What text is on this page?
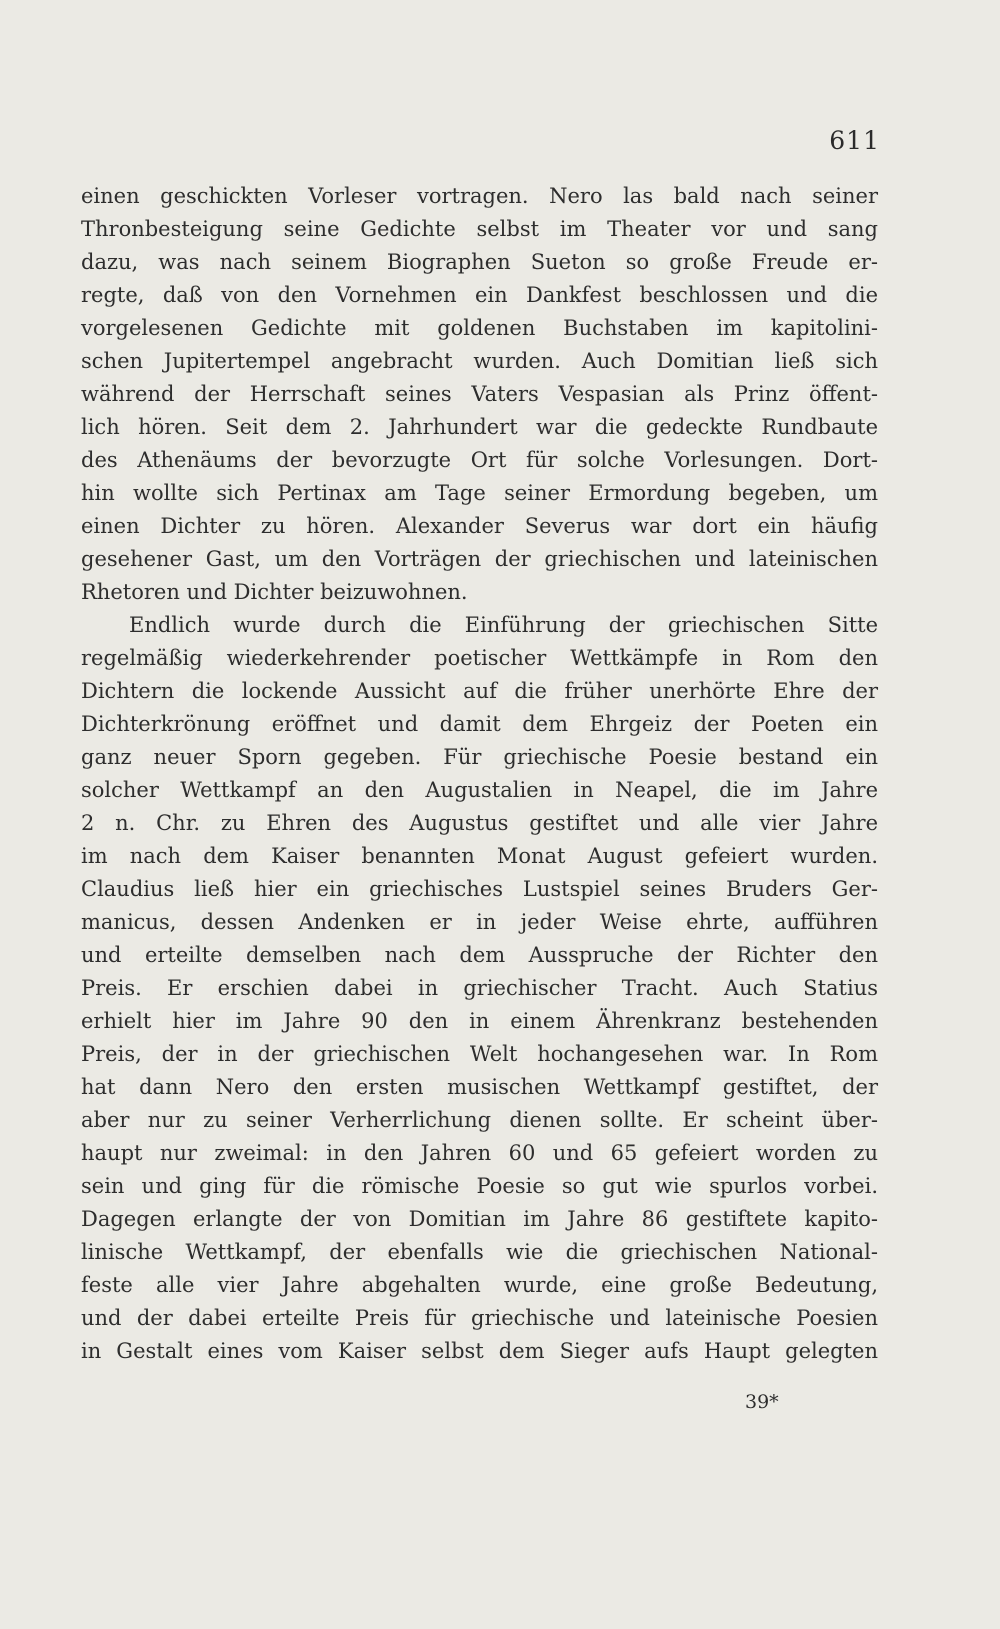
611
einen geschickten Vorleser vortragen. Nero las bald nach seiner
Thronbesteigung seine Gedichte selbst im Theater vor und sang
dazu, was nach seinem Biographen Sueton so große Freude er-
regte, daß von den Vornehmen ein Dankfest beschlossen und die
vorgelesenen Gedichte mit goldenen Buchstaben im kapitolini-
schen Jupitertempel angebracht wurden. Auch Domitian ließ sich
während der Herrschaft seines Vaters Vespasian als Prinz öffent-
lich hören. Seit dem 2. Jahrhundert war die gedeckte Rundbaute
des Athenäums der bevorzugte Ort für solche Vorlesungen. Dort-
hin wollte sich Pertinax am Tage seiner Ermordung begeben, um
einen Dichter zu hören. Alexander Severus war dort ein häufig
gesehener Gast, um den Vorträgen der griechischen und lateinischen
Rhetoren und Dichter beizuwohnen.
Endlich wurde durch die Einführung der griechischen Sitte
regelmäßig wiederkehrender poetischer Wettkämpfe in Rom den
Dichtern die lockende Aussicht auf die früher unerhörte Ehre der
Dichterkrönung eröffnet und damit dem Ehrgeiz der Poeten ein
ganz neuer Sporn gegeben. Für griechische Poesie bestand ein
solcher Wettkampf an den Augustalien in Neapel, die im Jahre
2 n. Chr. zu Ehren des Augustus gestiftet und alle vier Jahre
im nach dem Kaiser benannten Monat August gefeiert wurden.
Claudius ließ hier ein griechisches Lustspiel seines Bruders Ger-
manicus, dessen Andenken er in jeder Weise ehrte, aufführen
und erteilte demselben nach dem Ausspruche der Richter den
Preis. Er erschien dabei in griechischer Tracht. Auch Statius
erhielt hier im Jahre 90 den in einem Ährenkranz bestehenden
Preis, der in der griechischen Welt hochangesehen war. In Rom
hat dann Nero den ersten musischen Wettkampf gestiftet, der
aber nur zu seiner Verherrlichung dienen sollte. Er scheint über-
haupt nur zweimal: in den Jahren 60 und 65 gefeiert worden zu
sein und ging für die römische Poesie so gut wie spurlos vorbei.
Dagegen erlangte der von Domitian im Jahre 86 gestiftete kapito-
linische Wettkampf, der ebenfalls wie die griechischen National-
feste alle vier Jahre abgehalten wurde, eine große Bedeutung,
und der dabei erteilte Preis für griechische und lateinische Poesien
in Gestalt eines vom Kaiser selbst dem Sieger aufs Haupt gelegten
39*
